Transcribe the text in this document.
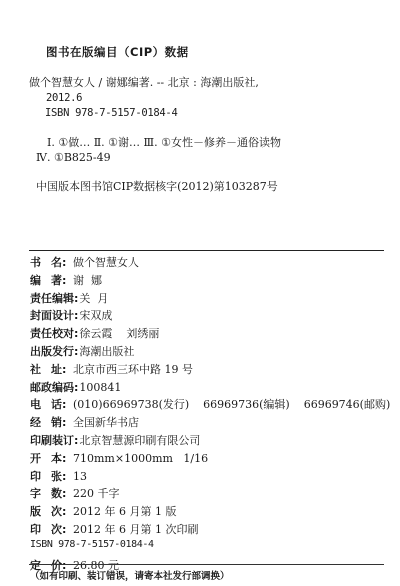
图书在版编目（CIP）数据
做个智慧女人 / 谢娜编著. -- 北京 : 海潮出版社,
2012.6
ISBN 978-7-5157-0184-4
Ⅰ. ①做… Ⅱ. ①谢… Ⅲ. ①女性－修养－通俗读物
Ⅳ. ①B825-49
中国版本图书馆CIP数据核字(2012)第103287号
书 名: 做个智慧女人
编 著: 谢  娜
责任编辑: 关  月
封面设计: 宋双成
责任校对: 徐云霞    刘绣丽
出版发行: 海潮出版社
社 址: 北京市西三环中路 19 号
邮政编码: 100841
电 话: (010)66969738(发行)    66969736(编辑)    66969746(邮购)
经 销: 全国新华书店
印刷装订: 北京智慧源印刷有限公司
开 本: 710mm×1000mm   1/16
印 张: 13
字 数: 220 千字
版 次: 2012 年 6 月第 1 版
印 次: 2012 年 6 月第 1 次印刷
ISBN 978-7-5157-0184-4
定 价: 26.80 元
（如有印刷、装订错误，请寄本社发行部调换）
